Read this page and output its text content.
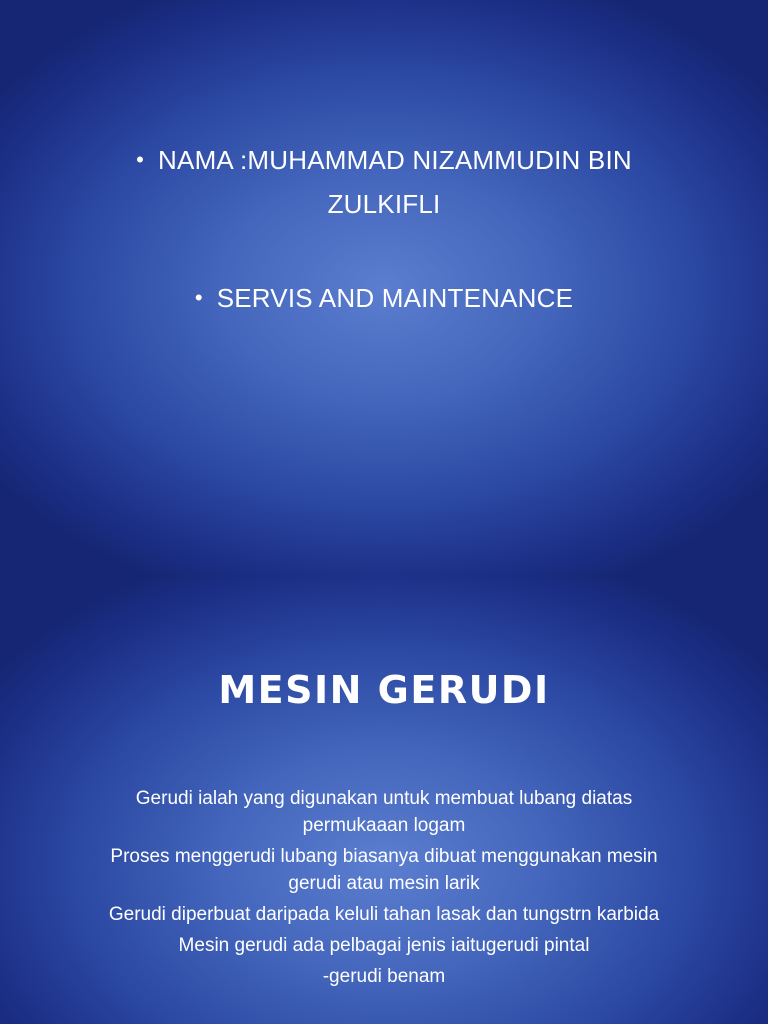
• NAMA :MUHAMMAD NIZAMMUDIN BIN ZULKIFLI
• SERVIS AND MAINTENANCE
MESIN GERUDI

Gerudi ialah yang digunakan untuk membuat lubang diatas permukaaan logam

Proses menggerudi lubang biasanya dibuat menggunakan mesin gerudi atau mesin larik

Gerudi diperbuat daripada keluli tahan lasak dan tungstrn karbida

Mesin gerudi ada pelbagai jenis iaitugerudi pintal

-gerudi benam
